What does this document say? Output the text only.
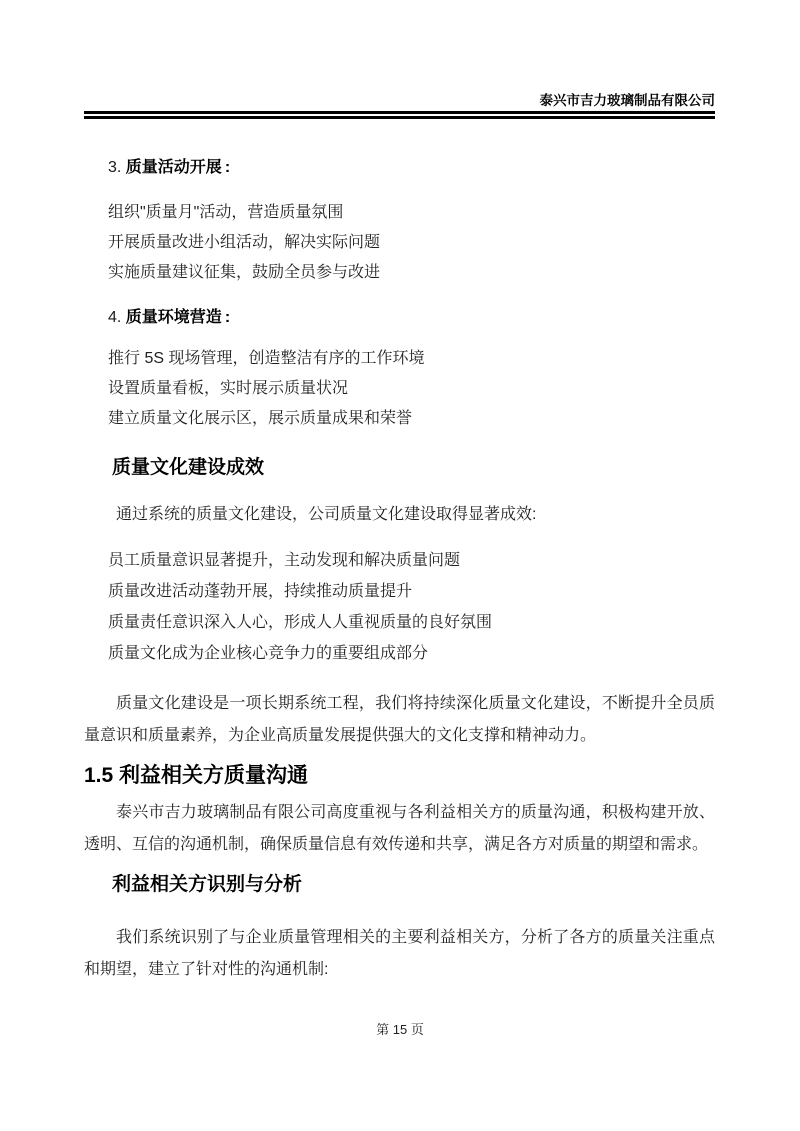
泰兴市吉力玻璃制品有限公司
3. 质量活动开展 :

组织"质量月"活动，营造质量氛围

开展质量改进小组活动，解决实际问题

实施质量建议征集，鼓励全员参与改进

4. 质量环境营造 :

推行 5S 现场管理，创造整洁有序的工作环境

设置质量看板，实时展示质量状况

建立质量文化展示区，展示质量成果和荣誉

质量文化建设成效

通过系统的质量文化建设，公司质量文化建设取得显著成效:

员工质量意识显著提升，主动发现和解决质量问题

质量改进活动蓬勃开展，持续推动质量提升

质量责任意识深入人心，形成人人重视质量的良好氛围

质量文化成为企业核心竞争力的重要组成部分

质量文化建设是一项长期系统工程，我们将持续深化质量文化建设，不断提升全员质量意识和质量素养，为企业高质量发展提供强大的文化支撑和精神动力。

1.5 利益相关方质量沟通

泰兴市吉力玻璃制品有限公司高度重视与各利益相关方的质量沟通，积极构建开放、透明、互信的沟通机制，确保质量信息有效传递和共享，满足各方对质量的期望和需求。

利益相关方识别与分析

我们系统识别了与企业质量管理相关的主要利益相关方，分析了各方的质量关注重点和期望，建立了针对性的沟通机制:

第 15 页
